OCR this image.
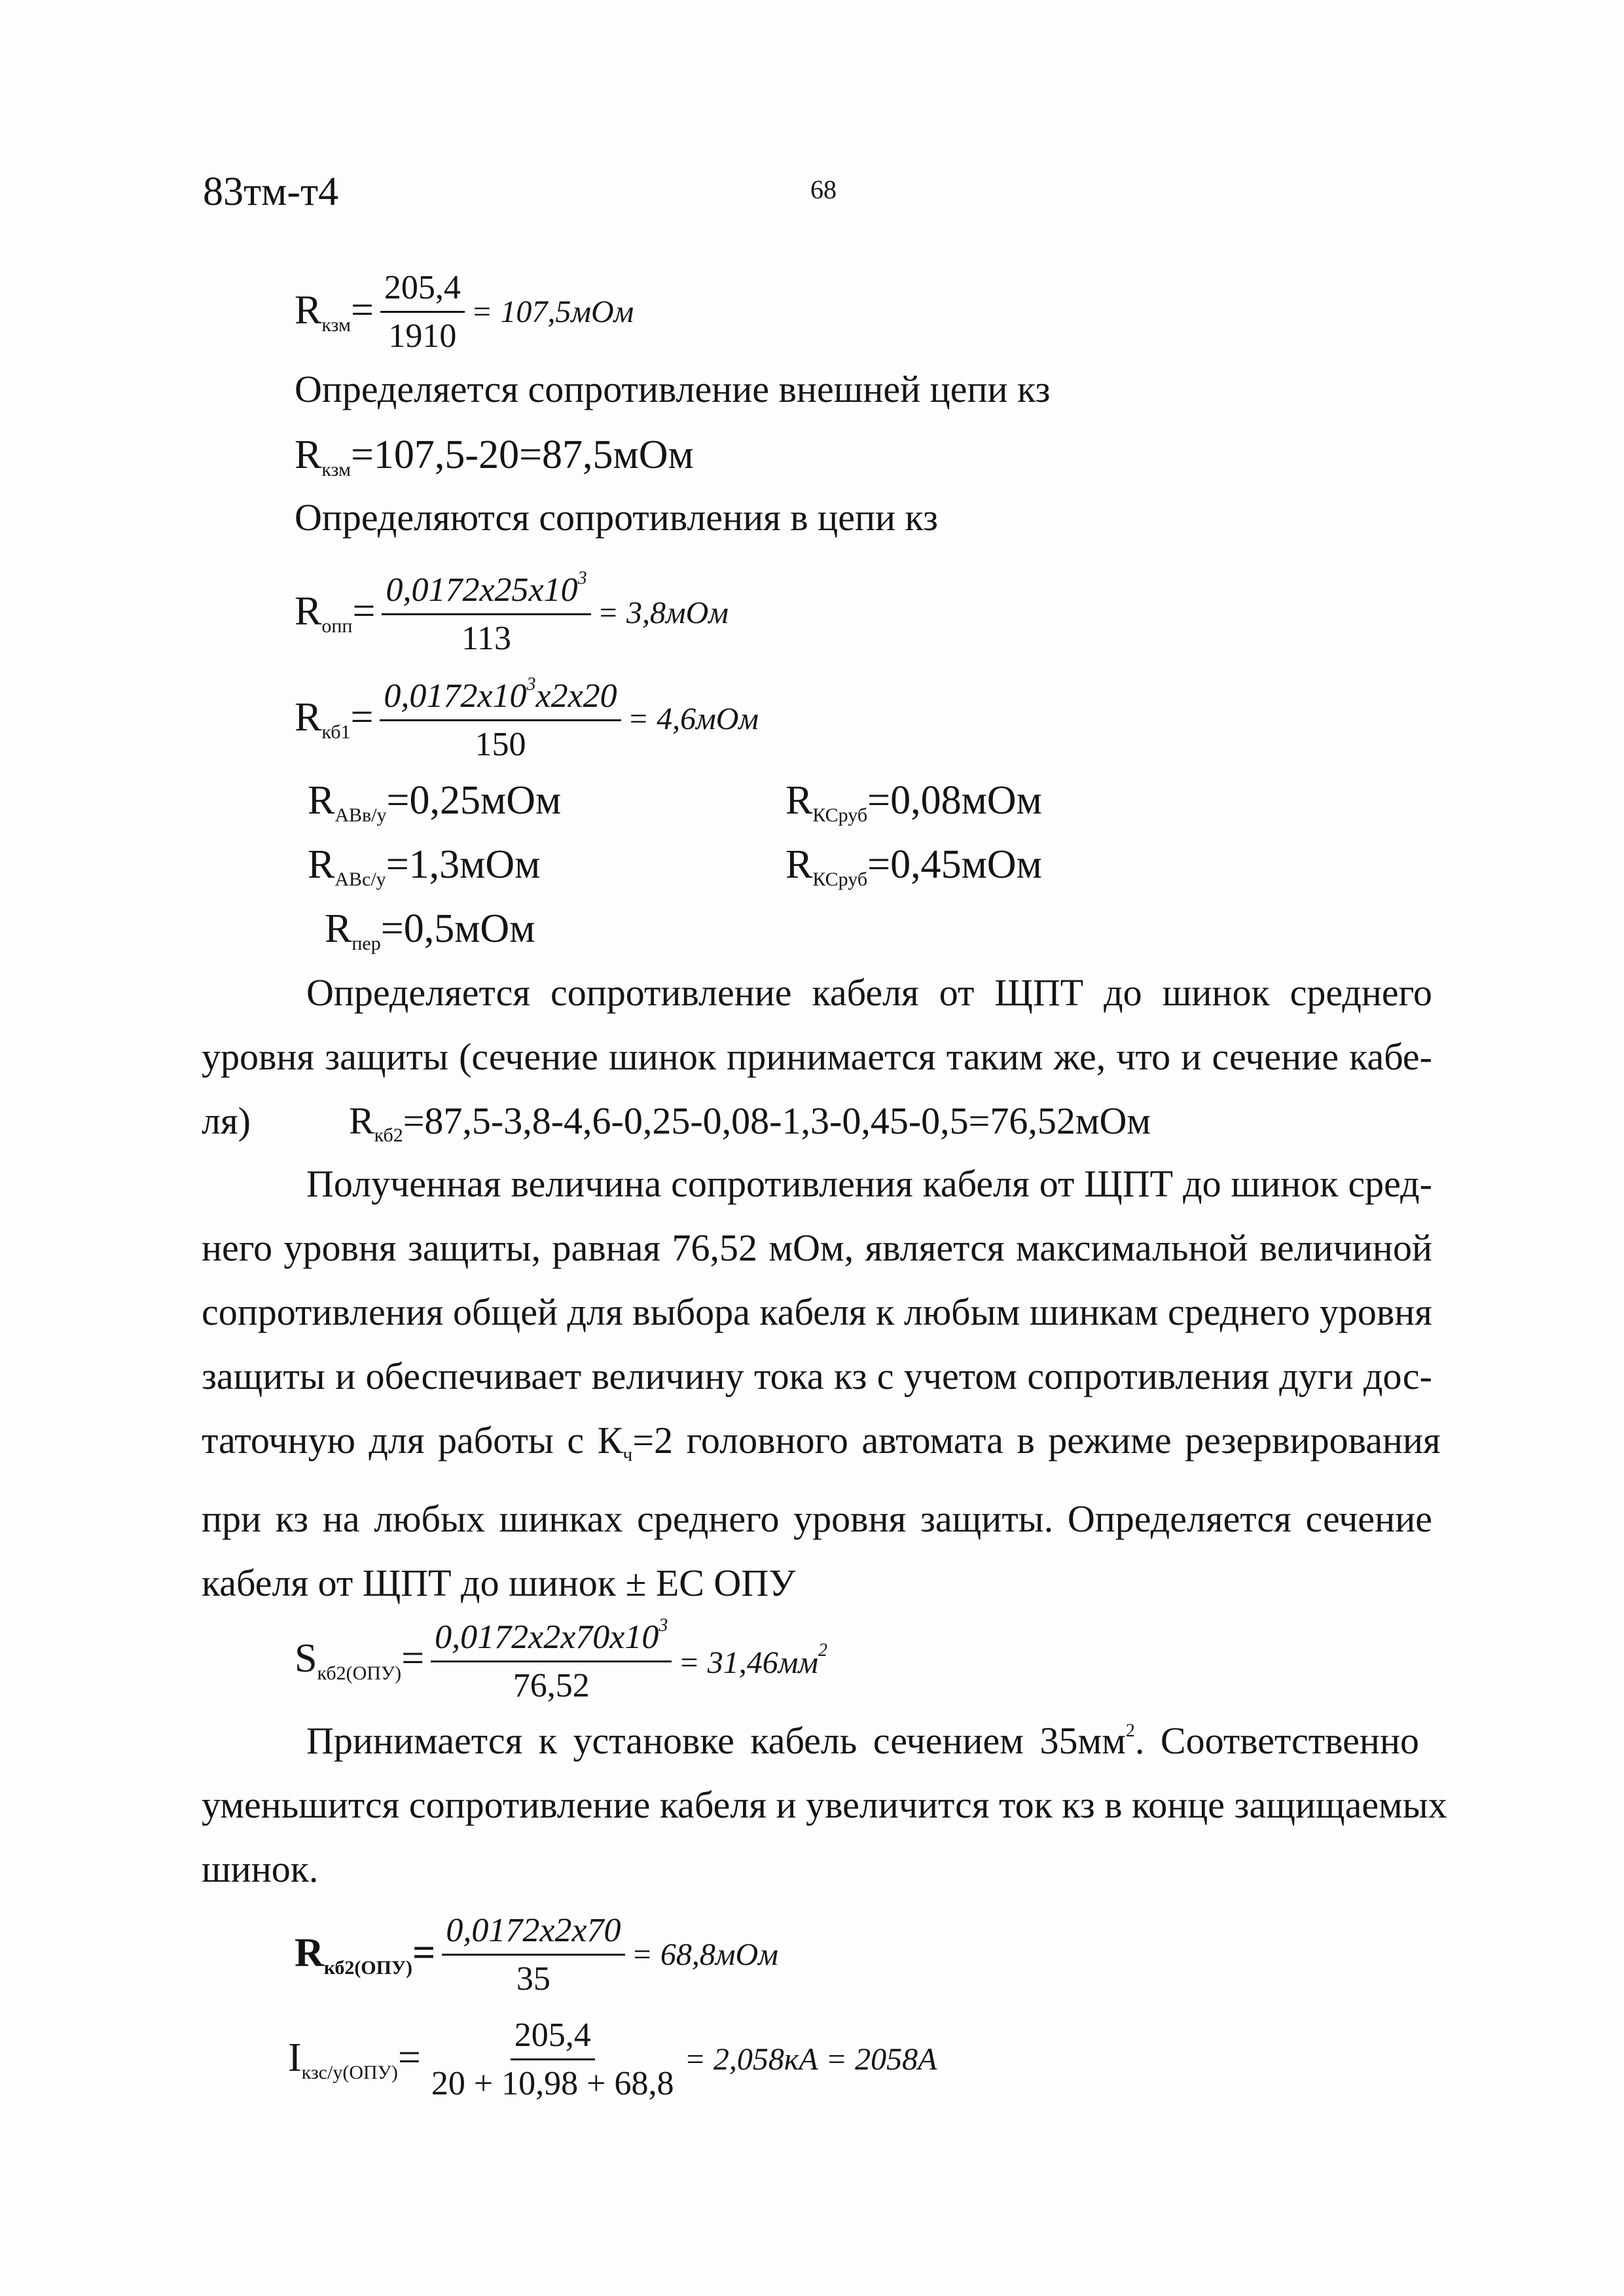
83тм-т4	68
$R_{кзм}= \frac{205,4}{1910} = 107,5мОм$
Определяется сопротивление внешней цепи кз
$R_{кзм}=107,5-20=87,5мОм$
Определяются сопротивления в цепи кз
$R_{опп}= \frac{0,0172x25x10^3}{113} = 3,8мОм$
$R_{кб1}= \frac{0,0172x10^3x2x20}{150} = 4,6мОм$
$R_{АВв/у}=0,25мОм$	$R_{КСруб}=0,08мОм$
$R_{АВс/у}=1,3мОм$	$R_{КСруб}=0,45мОм$
$R_{пер}=0,5мОм$
Определяется сопротивление кабеля от ЩПТ до шинок среднего
уровня защиты (сечение шинок принимается таким же, что и сечение кабе-
ля)	$R_{кб2}=87,5-3,8-4,6-0,25-0,08-1,3-0,45-0,5=76,52мОм$
Полученная величина сопротивления кабеля от ЩПТ до шинок сред-
него уровня защиты, равная 76,52 мОм, является максимальной величиной
сопротивления общей для выбора кабеля к любым шинкам среднего уровня
защиты и обеспечивает величину тока кз с учетом сопротивления дуги дос-
таточную для работы с $К_ч=2$ головного автомата в режиме резервирования
при кз на любых шинках среднего уровня защиты. Определяется сечение
кабеля от ЩПТ до шинок ± ЕС ОПУ
$S_{кб2(ОПУ)}= \frac{0,0172x2x70x10^3}{76,52} = 31,46мм^2$
Принимается к установке кабель сечением $35мм^2$. Соответственно
уменьшится сопротивление кабеля и увеличится ток кз в конце защищаемых
шинок.
$R_{кб2(ОПУ)}= \frac{0,0172x2x70}{35} = 68,8мОм$
$I_{кзс/у(ОПУ)}= \frac{205,4}{20 + 10,98 + 68,8} = 2,058кА = 2058А$
